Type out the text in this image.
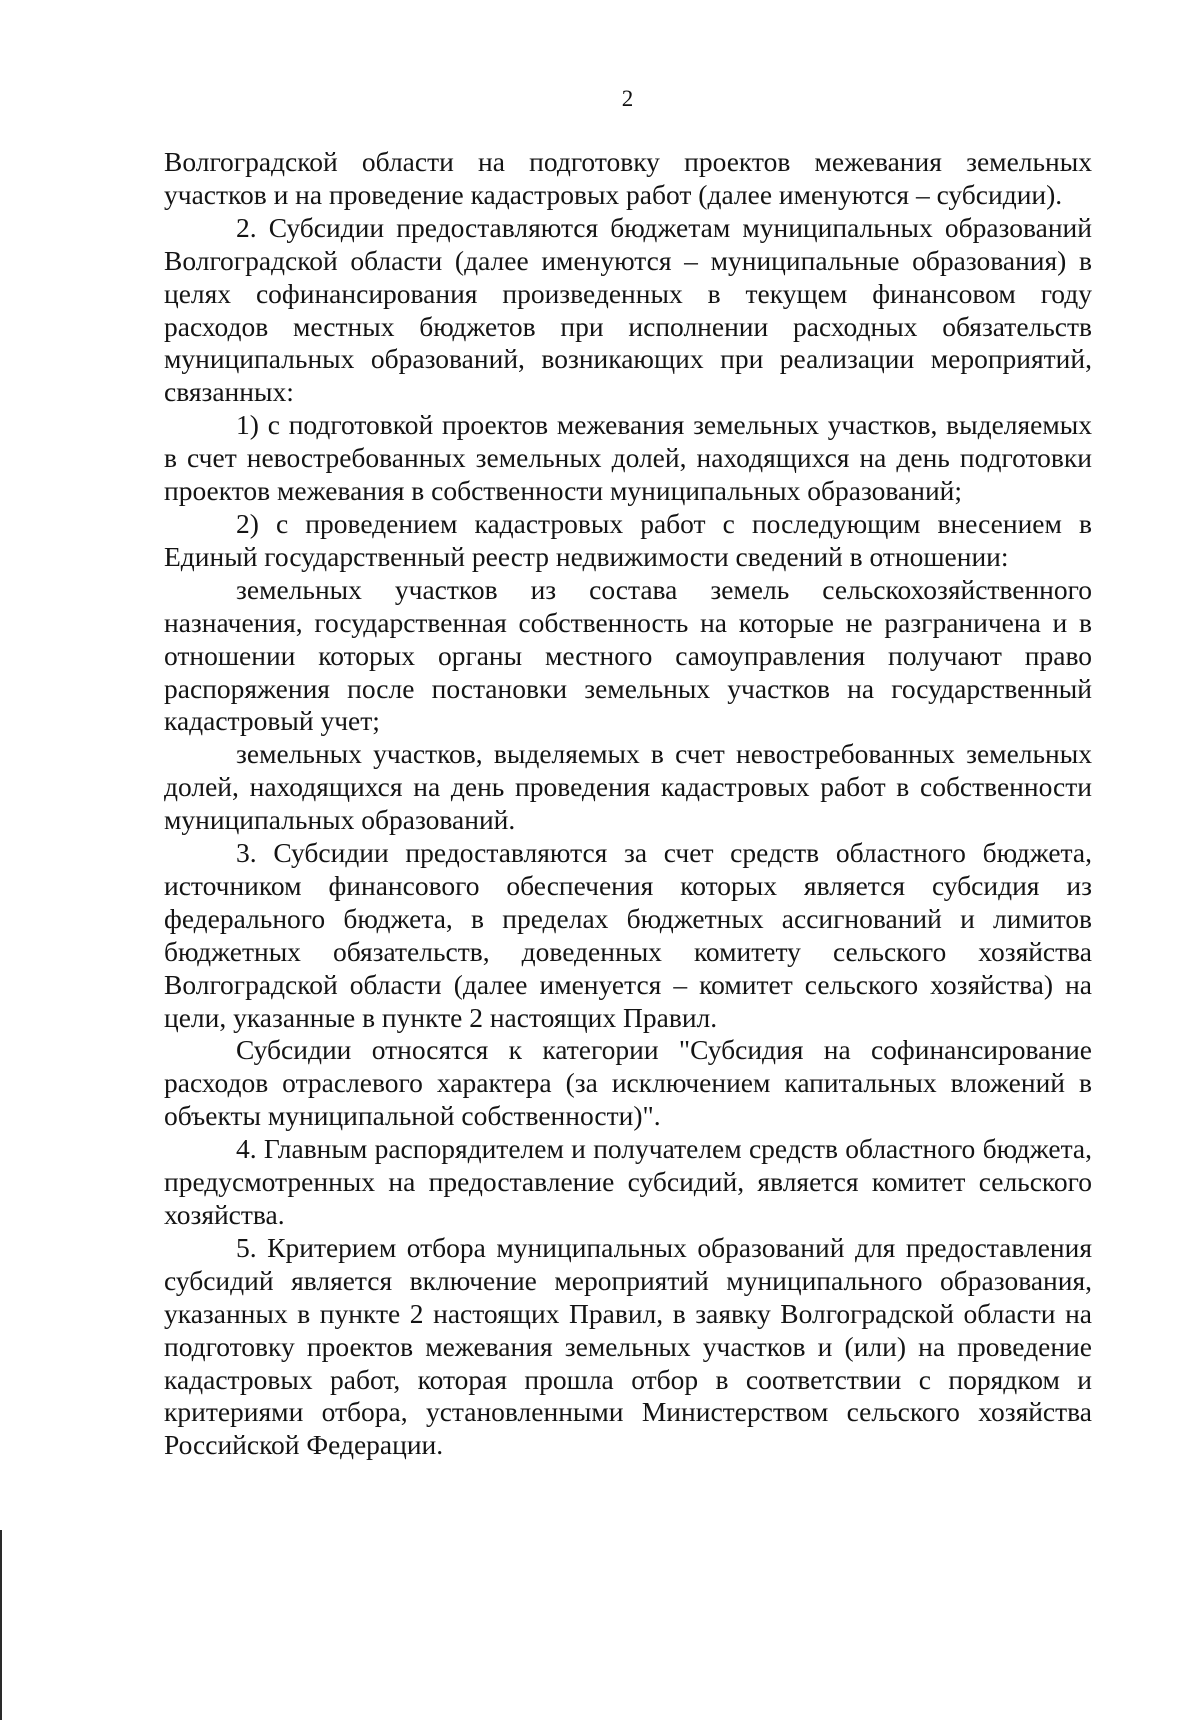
2

Волгоградской области на подготовку проектов межевания земельных участков и на проведение кадастровых работ (далее именуются – субсидии).

2. Субсидии предоставляются бюджетам муниципальных образований Волгоградской области (далее именуются – муниципальные образования) в целях софинансирования произведенных в текущем финансовом году расходов местных бюджетов при исполнении расходных обязательств муниципальных образований, возникающих при реализации мероприятий, связанных:

1) с подготовкой проектов межевания земельных участков, выделяемых в счет невостребованных земельных долей, находящихся на день подготовки проектов межевания в собственности муниципальных образований;

2) с проведением кадастровых работ с последующим внесением в Единый государственный реестр недвижимости сведений в отношении:

земельных участков из состава земель сельскохозяйственного назначения, государственная собственность на которые не разграничена и в отношении которых органы местного самоуправления получают право распоряжения после постановки земельных участков на государственный кадастровый учет;

земельных участков, выделяемых в счет невостребованных земельных долей, находящихся на день проведения кадастровых работ в собственности муниципальных образований.

3. Субсидии предоставляются за счет средств областного бюджета, источником финансового обеспечения которых является субсидия из федерального бюджета, в пределах бюджетных ассигнований и лимитов бюджетных обязательств, доведенных комитету сельского хозяйства Волгоградской области (далее именуется – комитет сельского хозяйства) на цели, указанные в пункте 2 настоящих Правил.

Субсидии относятся к категории "Субсидия на софинансирование расходов отраслевого характера (за исключением капитальных вложений в объекты муниципальной собственности)".

4. Главным распорядителем и получателем средств областного бюджета, предусмотренных на предоставление субсидий, является комитет сельского хозяйства.

5. Критерием отбора муниципальных образований для предоставления субсидий является включение мероприятий муниципального образования, указанных в пункте 2 настоящих Правил, в заявку Волгоградской области на подготовку проектов межевания земельных участков и (или) на проведение кадастровых работ, которая прошла отбор в соответствии с порядком и критериями отбора, установленными Министерством сельского хозяйства Российской Федерации.
